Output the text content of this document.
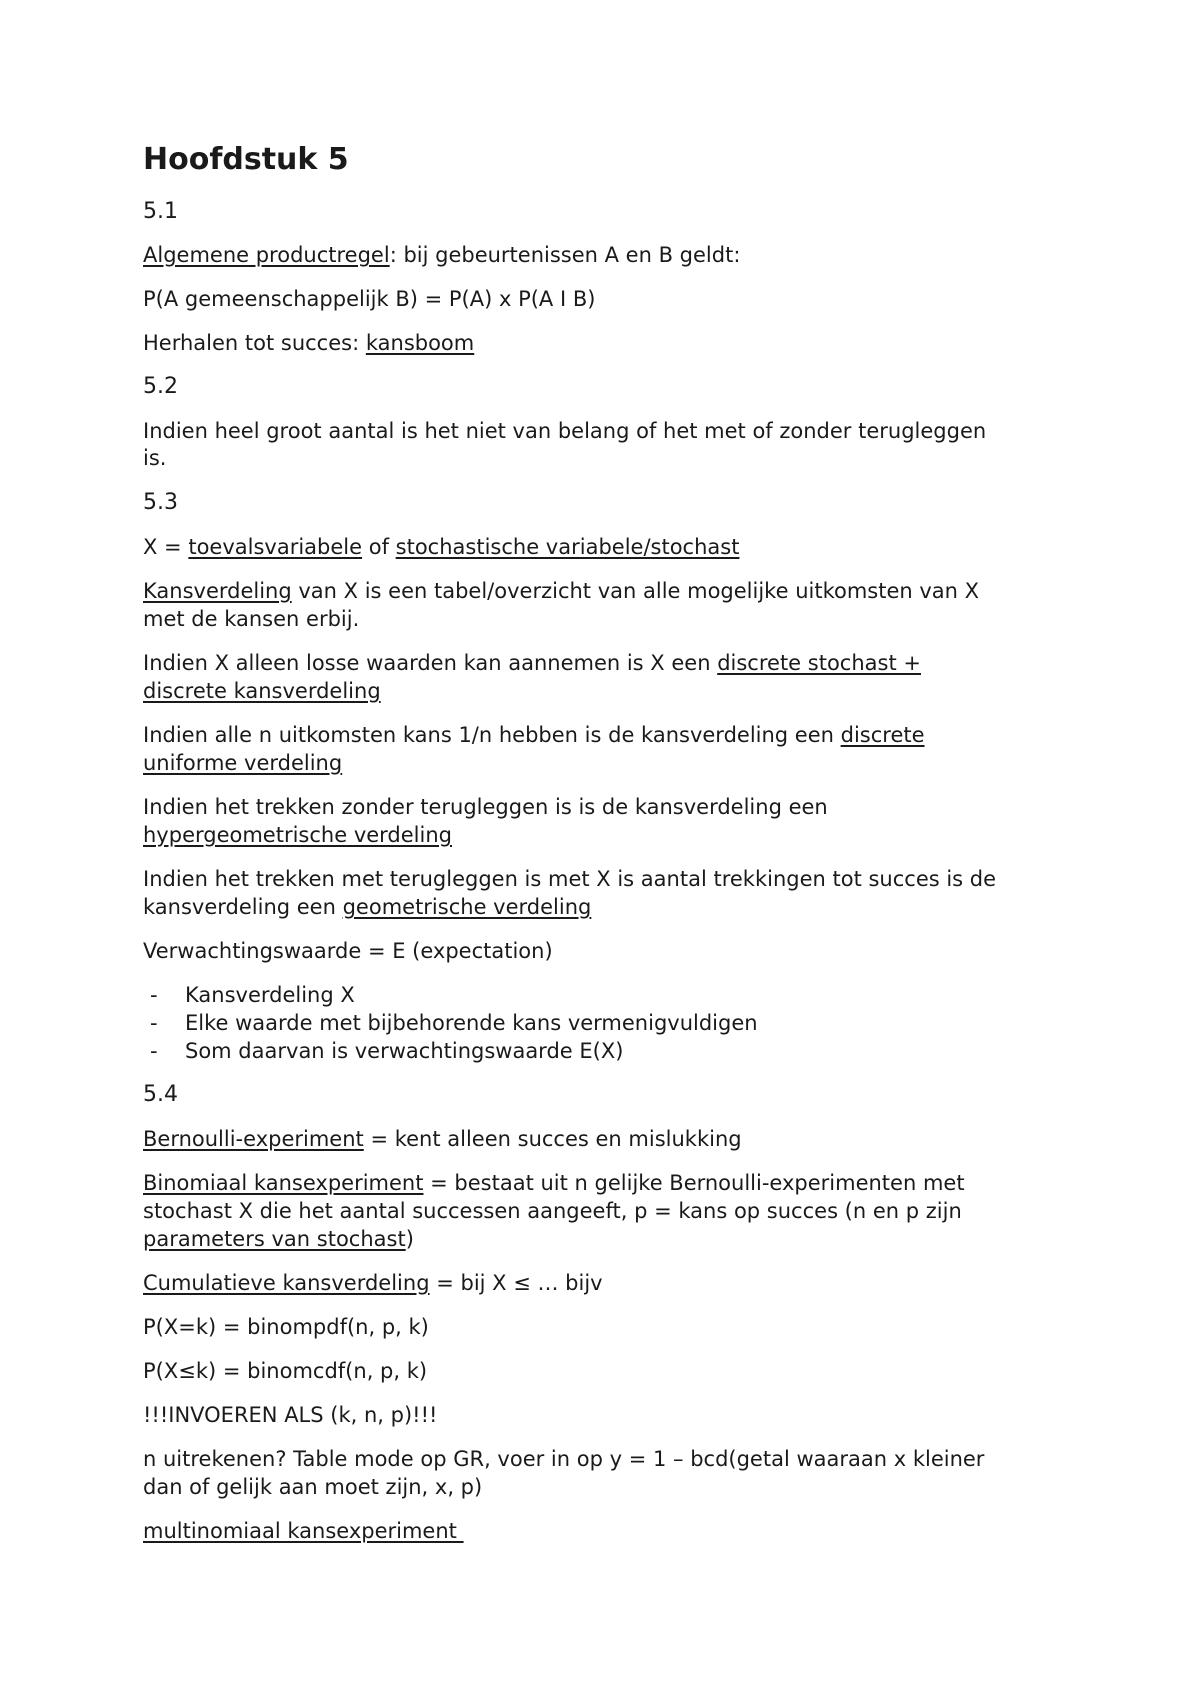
Hoofdstuk 5

5.1

Algemene productregel: bij gebeurtenissen A en B geldt:

P(A gemeenschappelijk B) = P(A) x P(A I B)

Herhalen tot succes: kansboom

5.2

Indien heel groot aantal is het niet van belang of het met of zonder terugleggen

is.

5.3

X = toevalsvariabele of stochastische variabele/stochast

Kansverdeling van X is een tabel/overzicht van alle mogelijke uitkomsten van X

met de kansen erbij.

Indien X alleen losse waarden kan aannemen is X een discrete stochast +

discrete kansverdeling

Indien alle n uitkomsten kans 1/n hebben is de kansverdeling een discrete

uniforme verdeling

Indien het trekken zonder terugleggen is is de kansverdeling een

hypergeometrische verdeling

Indien het trekken met terugleggen is met X is aantal trekkingen tot succes is de

kansverdeling een geometrische verdeling

Verwachtingswaarde = E (expectation)

- Kansverdeling X

- Elke waarde met bijbehorende kans vermenigvuldigen

- Som daarvan is verwachtingswaarde E(X)

5.4

Bernoulli-experiment = kent alleen succes en mislukking

Binomiaal kansexperiment = bestaat uit n gelijke Bernoulli-experimenten met

stochast X die het aantal successen aangeeft, p = kans op succes (n en p zijn

parameters van stochast)

Cumulatieve kansverdeling = bij X ≤ … bijv

P(X=k) = binompdf(n, p, k)

P(X≤k) = binomcdf(n, p, k)

!!!INVOEREN ALS (k, n, p)!!!

n uitrekenen? Table mode op GR, voer in op y = 1 – bcd(getal waaraan x kleiner

dan of gelijk aan moet zijn, x, p)

multinomiaal kansexperiment
